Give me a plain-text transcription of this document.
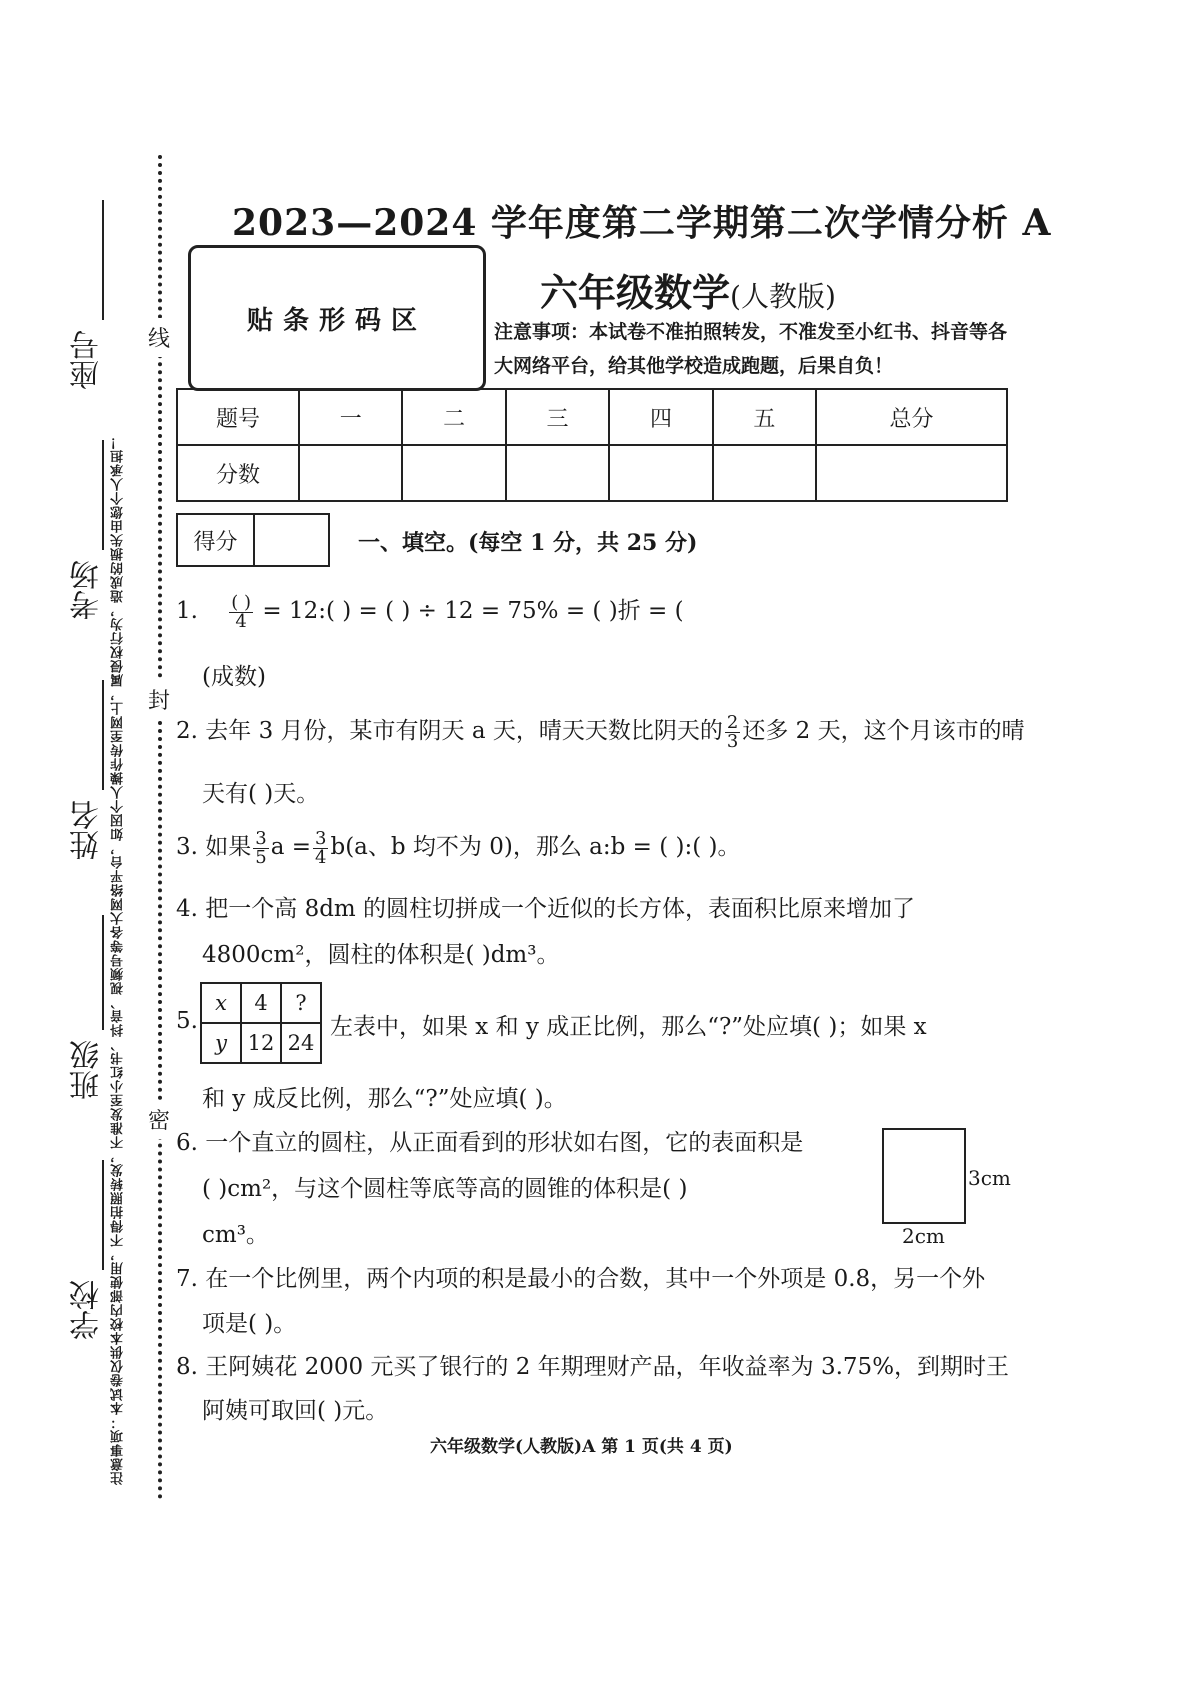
注意事项：本试卷仅供本校内部使用，不得拍照转发，不准发至小红书、抖音、视频号等各大网络平台，如因个人操作传至网上，属侵权行为，造成的损失由您个人承担！
线
封
密
座号
考场
姓名
班级
学校
2023—2024 学年度第二学期第二次学情分析 A
贴条形码区
六年级数学(人教版)
注意事项：本试卷不准拍照转发，不准发至小红书、抖音等各大网络平台，给其他学校造成跑题，后果自负！
题号	一	二	三	四	五	总分
分数						
得分	一、填空。(每空 1 分，共 25 分)
1. $\frac{( )}{4}$ = 12:( ) = ( ) ÷ 12 = 75% = ( )折 = (
(成数)
2. 去年 3 月份，某市有阴天 a 天，晴天天数比阴天的 $\frac{2}{3}$ 还多 2 天，这个月该市的晴
天有( )天。
3. 如果 $\frac{3}{5}$ $a = \frac{3}{4} b(a$、b 均不为 0)，那么 a:b = ( ):( )。
4. 把一个高 8dm 的圆柱切拼成一个近似的长方体，表面积比原来增加了
4800cm²，圆柱的体积是( )dm³。
5.
x	4	?
y	12	24
左表中，如果 x 和 y 成正比例，那么“?”处应填( )；如果 x
和 y 成反比例，那么“?”处应填( )。
6. 一个直立的圆柱，从正面看到的形状如右图，它的表面积是
( )cm²，与这个圆柱等底等高的圆锥的体积是( )
cm³。
3cm
2cm
7. 在一个比例里，两个内项的积是最小的合数，其中一个外项是 0.8，另一个外
项是( )。
8. 王阿姨花 2000 元买了银行的 2 年期理财产品，年收益率为 3.75%，到期时王
阿姨可取回( )元。
六年级数学(人教版)A 第 1 页(共 4 页)
